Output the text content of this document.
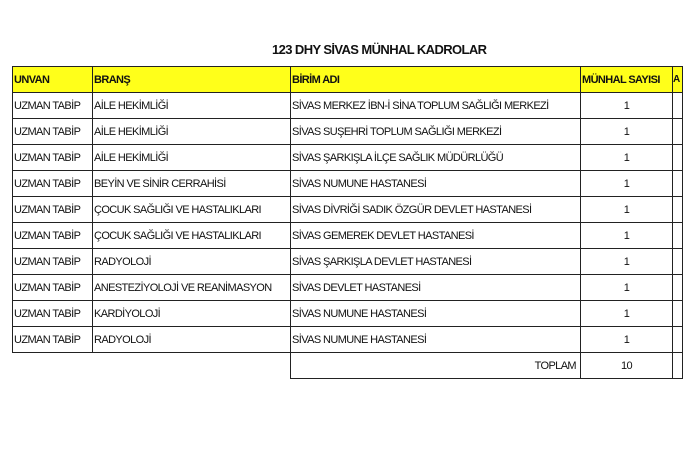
123 DHY SİVAS MÜNHAL KADROLAR
UNVAN	BRANŞ	BİRİM ADI	MÜNHAL SAYISI	A
UZMAN TABİP	AİLE HEKİMLİĞİ	SİVAS MERKEZ İBN-İ SİNA TOPLUM SAĞLIĞI MERKEZİ	1	
UZMAN TABİP	AİLE HEKİMLİĞİ	SİVAS SUŞEHRİ TOPLUM SAĞLIĞI MERKEZİ	1	
UZMAN TABİP	AİLE HEKİMLİĞİ	SİVAS ŞARKIŞLA İLÇE SAĞLIK MÜDÜRLÜĞÜ	1	
UZMAN TABİP	BEYİN VE SİNİR CERRAHİSİ	SİVAS NUMUNE HASTANESİ	1	
UZMAN TABİP	ÇOCUK SAĞLIĞI VE HASTALIKLARI	SİVAS DİVRİĞİ SADIK ÖZGÜR DEVLET HASTANESİ	1	
UZMAN TABİP	ÇOCUK SAĞLIĞI VE HASTALIKLARI	SİVAS GEMEREK DEVLET HASTANESİ	1	
UZMAN TABİP	RADYOLOJİ	SİVAS ŞARKIŞLA DEVLET HASTANESİ	1	
UZMAN TABİP	ANESTEZİYOLOJİ VE REANİMASYON	SİVAS DEVLET HASTANESİ	1	
UZMAN TABİP	KARDİYOLOJİ	SİVAS NUMUNE HASTANESİ	1	
UZMAN TABİP	RADYOLOJİ	SİVAS NUMUNE HASTANESİ	1	
		TOPLAM	10	
